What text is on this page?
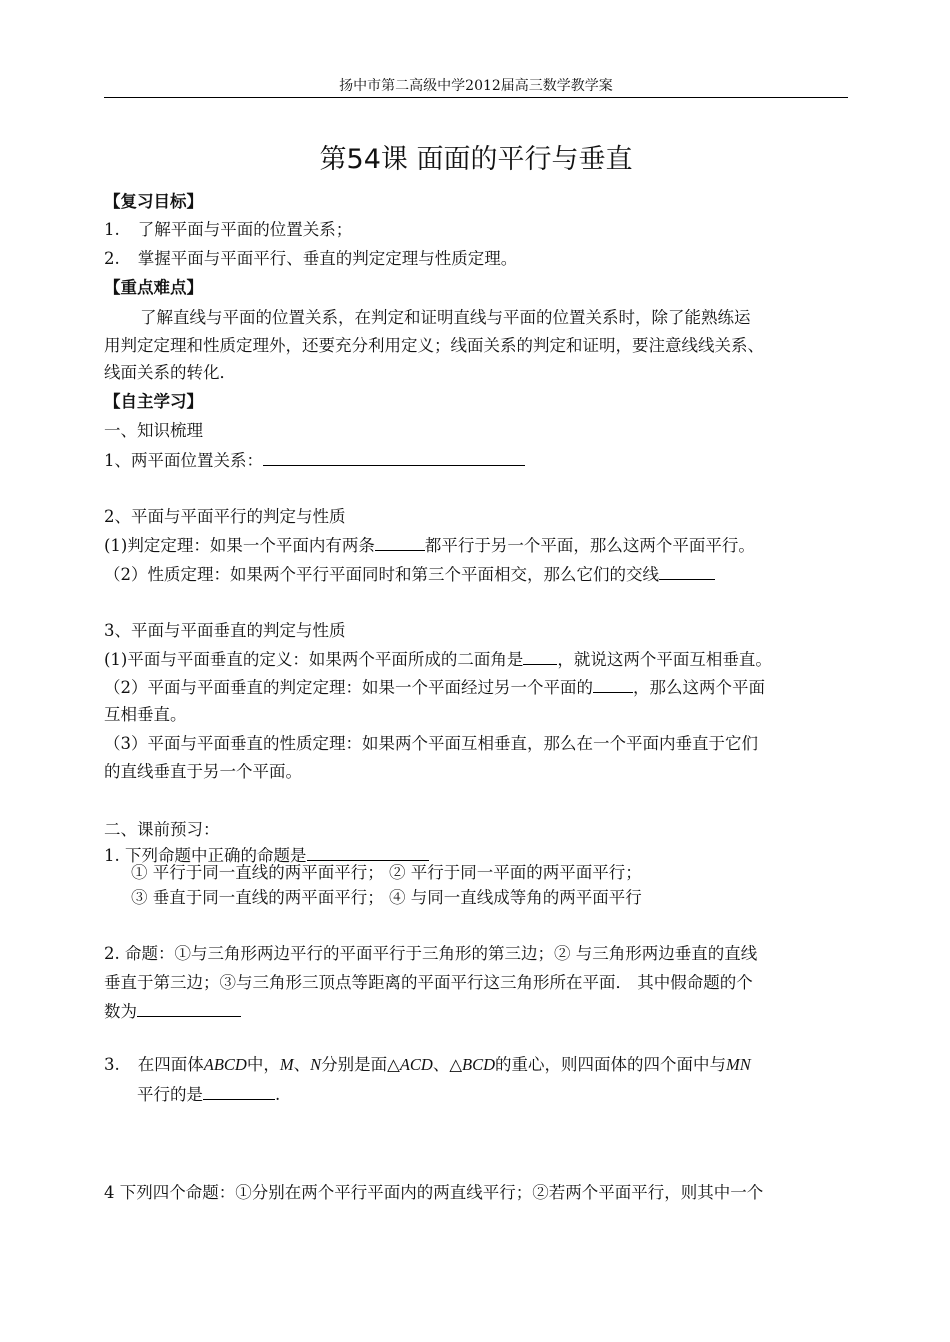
扬中市第二高级中学2012届高三数学教学案
第54课 面面的平行与垂直
【复习目标】
1. 了解平面与平面的位置关系；
2. 掌握平面与平面平行、垂直的判定定理与性质定理。
【重点难点】
了解直线与平面的位置关系，在判定和证明直线与平面的位置关系时，除了能熟练运
用判定定理和性质定理外，还要充分利用定义；线面关系的判定和证明，要注意线线关系、
线面关系的转化．
【自主学习】
一、知识梳理
1、两平面位置关系：
2、平面与平面平行的判定与性质
(1)判定定理：如果一个平面内有两条	都平行于另一个平面，那么这两个平面平行。
（2）性质定理：如果两个平行平面同时和第三个平面相交，那么它们的交线
3、平面与平面垂直的判定与性质
(1)平面与平面垂直的定义：如果两个平面所成的二面角是 ，就说这两个平面互相垂直。
（2）平面与平面垂直的判定定理：如果一个平面经过另一个平面的 ，那么这两个平面
互相垂直。
（3）平面与平面垂直的性质定理：如果两个平面互相垂直，那么在一个平面内垂直于它们
的直线垂直于另一个平面。
二、课前预习：
1. 下列命题中正确的命题是
① 平行于同一直线的两平面平行； ② 平行于同一平面的两平面平行；
③ 垂直于同一直线的两平面平行； ④ 与同一直线成等角的两平面平行
2. 命题：①与三角形两边平行的平面平行于三角形的第三边；② 与三角形两边垂直的直线
垂直于第三边；③与三角形三顶点等距离的平面平行这三角形所在平面． 其中假命题的个
数为
3. 在四面体ABCD中，M、N分别是面△ACD、△BCD的重心，则四面体的四个面中与MN
平行的是	.
4 下列四个命题：①分别在两个平行平面内的两直线平行；②若两个平面平行，则其中一个
